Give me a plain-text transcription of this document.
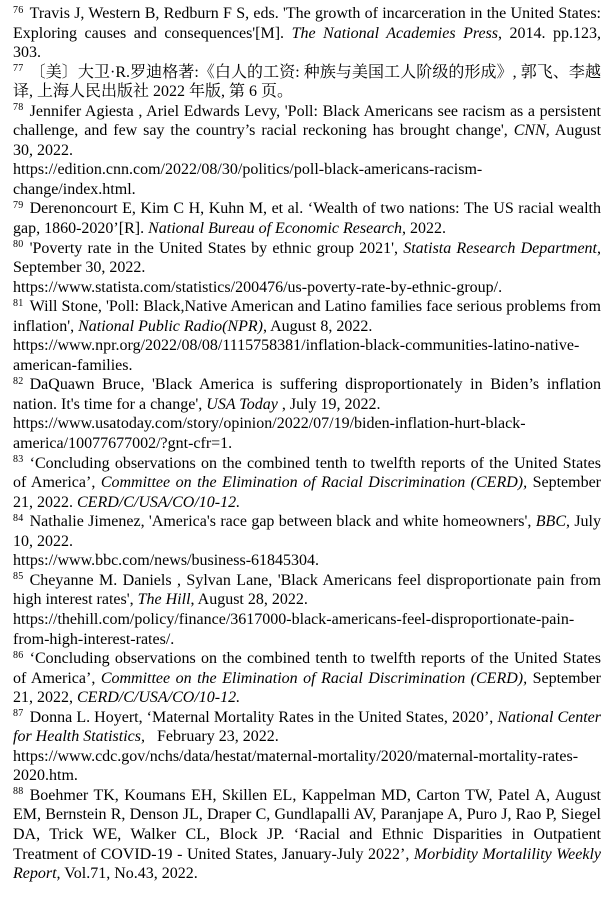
$^{76}$ Travis J, Western B, Redburn F S, eds. 'The growth of incarceration in the United States: Exploring causes and consequences'[M]. The National Academies Press, 2014. pp.123, 303.

$^{77}$ 〔美〕大卫·R.罗迪格著:《白人的工资: 种族与美国工人阶级的形成》, 郭飞、李越译, 上海人民出版社 2022 年版, 第 6 页。

$^{78}$ Jennifer Agiesta , Ariel Edwards Levy, 'Poll: Black Americans see racism as a persistent challenge, and few say the country’s racial reckoning has brought change', CNN, August 30, 2022.
https://edition.cnn.com/2022/08/30/politics/poll-black-americans-racism-change/index.html.

$^{79}$ Derenoncourt E, Kim C H, Kuhn M, et al. ‘Wealth of two nations: The US racial wealth gap, 1860-2020’[R]. National Bureau of Economic Research, 2022.

$^{80}$ 'Poverty rate in the United States by ethnic group 2021', Statista Research Department, September 30, 2022.
https://www.statista.com/statistics/200476/us-poverty-rate-by-ethnic-group/.

$^{81}$ Will Stone, 'Poll: Black,Native American and Latino families face serious problems from inflation', National Public Radio(NPR), August 8, 2022.
https://www.npr.org/2022/08/08/1115758381/inflation-black-communities-latino-native-american-families.

$^{82}$ DaQuawn Bruce, 'Black America is suffering disproportionately in Biden’s inflation nation. It's time for a change', USA Today , July 19, 2022.
https://www.usatoday.com/story/opinion/2022/07/19/biden-inflation-hurt-black-america/10077677002/?gnt-cfr=1.

$^{83}$ ‘Concluding observations on the combined tenth to twelfth reports of the United States of America’, Committee on the Elimination of Racial Discrimination (CERD), September 21, 2022. CERD/C/USA/CO/10-12.

$^{84}$ Nathalie Jimenez, 'America's race gap between black and white homeowners', BBC, July 10, 2022.
https://www.bbc.com/news/business-61845304.

$^{85}$ Cheyanne M. Daniels , Sylvan Lane, 'Black Americans feel disproportionate pain from high interest rates', The Hill, August 28, 2022.
https://thehill.com/policy/finance/3617000-black-americans-feel-disproportionate-pain-from-high-interest-rates/.

$^{86}$ ‘Concluding observations on the combined tenth to twelfth reports of the United States of America’, Committee on the Elimination of Racial Discrimination (CERD), September 21, 2022, CERD/C/USA/CO/10-12.

$^{87}$ Donna L. Hoyert, ‘Maternal Mortality Rates in the United States, 2020’, National Center for Health Statistics,   February 23, 2022.
https://www.cdc.gov/nchs/data/hestat/maternal-mortality/2020/maternal-mortality-rates-2020.htm.

$^{88}$ Boehmer TK, Koumans EH, Skillen EL, Kappelman MD, Carton TW, Patel A, August EM, Bernstein R, Denson JL, Draper C, Gundlapalli AV, Paranjape A, Puro J, Rao P, Siegel DA, Trick WE, Walker CL, Block JP. ‘Racial and Ethnic Disparities in Outpatient Treatment of COVID-19 - United States, January-July 2022’, Morbidity Mortalility Weekly Report, Vol.71, No.43, 2022.
